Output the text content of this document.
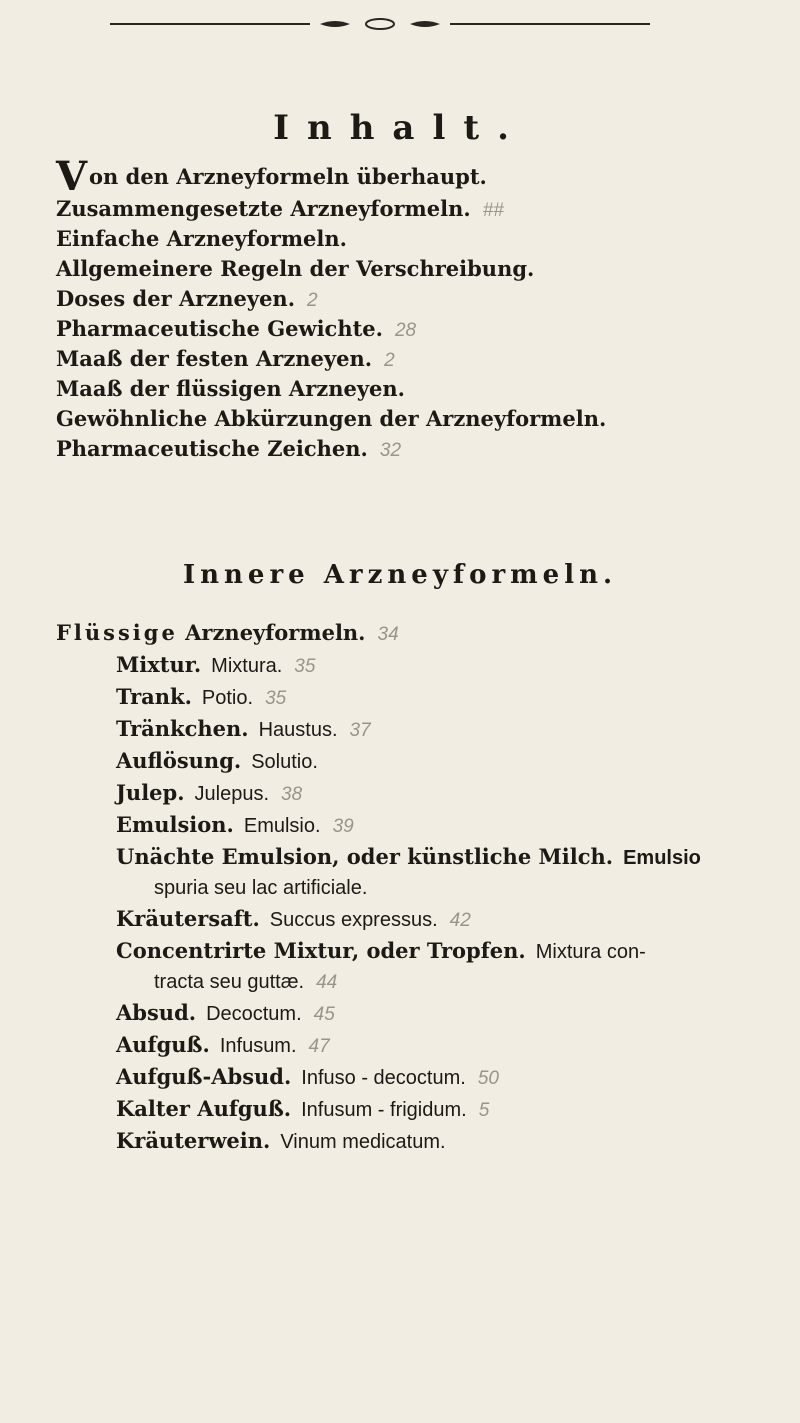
Inhalt.
Von den Arzneyformeln überhaupt.
Zusammengesetzte Arzneyformeln. ##
Einfache Arzneyformeln.
Allgemeinere Regeln der Verschreibung.
Doses der Arzneyen. 2
Pharmaceutische Gewichte. 28
Maaß der festen Arzneyen. 2
Maaß der flüssigen Arzneyen.
Gewöhnliche Abkürzungen der Arzneyformeln.
Pharmaceutische Zeichen. 32
Innere Arzneyformeln.
Flüssige Arzneyformeln. 34
Mixtur. Mixtura. 35
Trank. Potio. 35
Tränkchen. Haustus. 37
Auflösung. Solutio.
Julep. Julepus. 38
Emulsion. Emulsio. 39
Unächte Emulsion, oder künstliche Milch. Emulsio
spuria seu lac artificiale.
Kräutersaft. Succus expressus. 42
Concentrirte Mixtur, oder Tropfen. Mixtura con-
tracta seu guttæ. 44
Absud. Decoctum. 45
Aufguß. Infusum. 47
Aufguß-Absud. Infuso - decoctum. 50
Kalter Aufguß. Infusum - frigidum. 5
Kräuterwein. Vinum medicatum.
